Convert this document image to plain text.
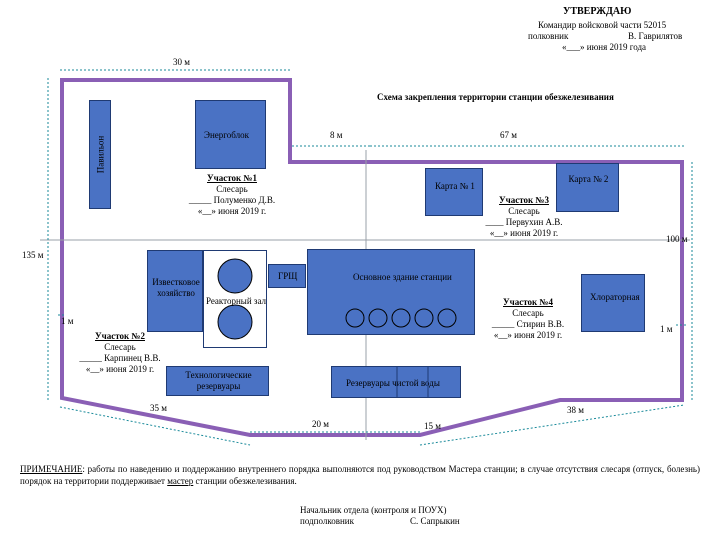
УТВЕРЖДАЮ
Командир войсковой части 52015
полковник	В. Гаврилятов
«___» июня 2019 года
Схема закрепления территории станции обезжелезивания
30 м
8 м	67 м
135 м
100 м
1 м
1 м
35 м	38 м
20 м	15 м
Павильон
Энергоблок
Карта № 1
Карта № 2
Известковое хозяйство
Реакторный зал
ГРЩ	Основное здание станции
Хлоратoрная
Технологические резервуары	Резервуары чистой воды
Участок №1
Слесарь
_____ Полуменко Д.В.
«__» июня 2019 г.
Участок №2
Слесарь
_____ Карпинец В.В.
«__» июня 2019 г.
Участок №3
Слесарь
____ Первухин А.В.
«__» июня 2019 г.
Участок №4
Слесарь
_____ Стирин В.В.
«__» июня 2019 г.
ПРИМЕЧАНИЕ: работы по наведению и поддержанию внутреннего порядка выполняются под руководством Мастера станции; в случае отсутствия слесаря (отпуск, болезнь) порядок на территории поддерживает мастер станции обезжелезивания.
Начальник отдела (контроля и ПОУХ)
подполковник	С. Сапрыкин
